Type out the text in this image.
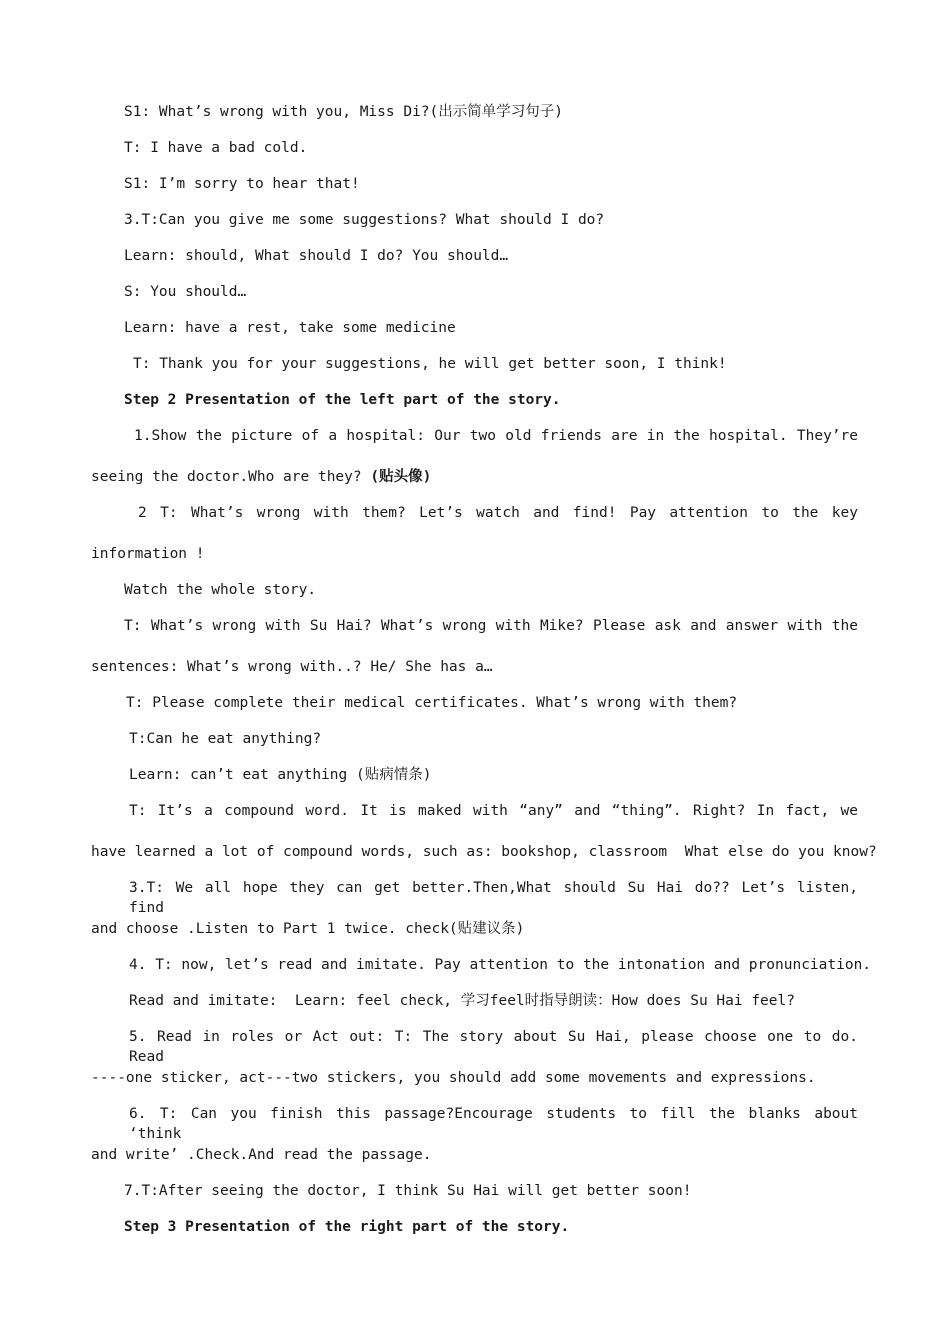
S1: What’s wrong with you, Miss Di?(出示简单学习句子)
T: I have a bad cold.
S1: I’m sorry to hear that!
3.T:Can you give me some suggestions? What should I do?
Learn: should, What should I do? You should…
S: You should…
Learn: have a rest, take some medicine
T: Thank you for your suggestions, he will get better soon, I think!
Step 2 Presentation of the left part of the story.
1.Show the picture of a hospital: Our two old friends are in the hospital. They’re
seeing the doctor.Who are they? (贴头像)
2 T: What’s wrong with them? Let’s watch and find! Pay attention to the key
information !
Watch the whole story.
T: What’s wrong with Su Hai? What’s wrong with Mike? Please ask and answer with the
sentences: What’s wrong with..? He/ She has a…
T: Please complete their medical certificates. What’s wrong with them?
T:Can he eat anything?
Learn: can’t eat anything (贴病情条)
T: It’s a compound word. It is maked with “any” and “thing”. Right? In fact, we
have learned a lot of compound words, such as: bookshop, classroom  What else do you know?
3.T: We all hope they can get better.Then,What should Su Hai do?? Let’s listen, find
and choose .Listen to Part 1 twice. check(贴建议条)
4. T: now, let’s read and imitate. Pay attention to the intonation and pronunciation.
Read and imitate:  Learn: feel check, 学习feel时指导朗读：How does Su Hai feel?
5. Read in roles or Act out: T: The story about Su Hai, please choose one to do. Read
----one sticker, act---two stickers, you should add some movements and expressions.
6. T: Can you finish this passage?Encourage students to fill the blanks about ‘think
and write’ .Check.And read the passage.
7.T:After seeing the doctor, I think Su Hai will get better soon!
Step 3 Presentation of the right part of the story.
